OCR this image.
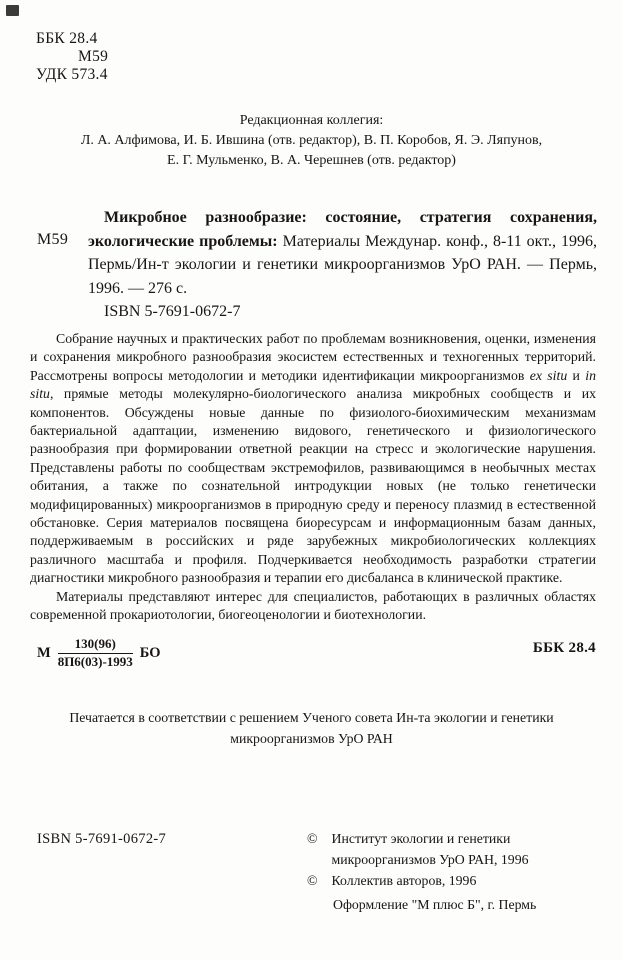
ББК 28.4
М59
УДК 573.4
Редакционная коллегия:
Л. А. Алфимова, И. Б. Ившина (отв. редактор), В. П. Коробов, Я. Э. Ляпунов,
Е. Г. Мульменко, В. А. Черешнев (отв. редактор)
М59

Микробное разнообразие: состояние, стратегия сохранения, экологические проблемы: Материалы Междунар. конф., 8-11 окт., 1996, Пермь/Ин-т экологии и генетики микроорганизмов УрО РАН. — Пермь, 1996. — 276 с.

ISBN 5-7691-0672-7

Собрание научных и практических работ по проблемам возникновения, оценки, изменения и сохранения микробного разнообразия экосистем естественных и техногенных территорий. Рассмотрены вопросы методологии и методики идентификации микроорганизмов ex situ и in situ, прямые методы молекулярно-биологического анализа микробных сообществ и их компонентов. Обсуждены новые данные по физиолого-биохимическим механизмам бактериальной адаптации, изменению видового, генетического и физиологического разнообразия при формировании ответной реакции на стресс и экологические нарушения. Представлены работы по сообществам экстремофилов, развивающимся в необычных местах обитания, а также по сознательной интродукции новых (не только генетически модифицированных) микроорганизмов в природную среду и переносу плазмид в естественной обстановке. Серия материалов посвящена биоресурсам и информационным базам данных, поддерживаемым в российских и ряде зарубежных микробиологических коллекциях различного масштаба и профиля. Подчеркивается необходимость разработки стратегии диагностики микробного разнообразия и терапии его дисбаланса в клинической практике.

Материалы представляют интерес для специалистов, работающих в различных областях современной прокариотологии, биогеоценологии и биотехнологии.

М $\frac{130(96)}{8П6(03)-1993}$ БО	ББК 28.4
Печатается в соответствии с решением Ученого совета Ин-та экологии и генетики
микроорганизмов УрО РАН
ISBN 5-7691-0672-7	© Институт экологии и генетики
микроорганизмов УрО РАН, 1996
© Коллектив авторов, 1996
Оформление "М плюс Б", г. Пермь
